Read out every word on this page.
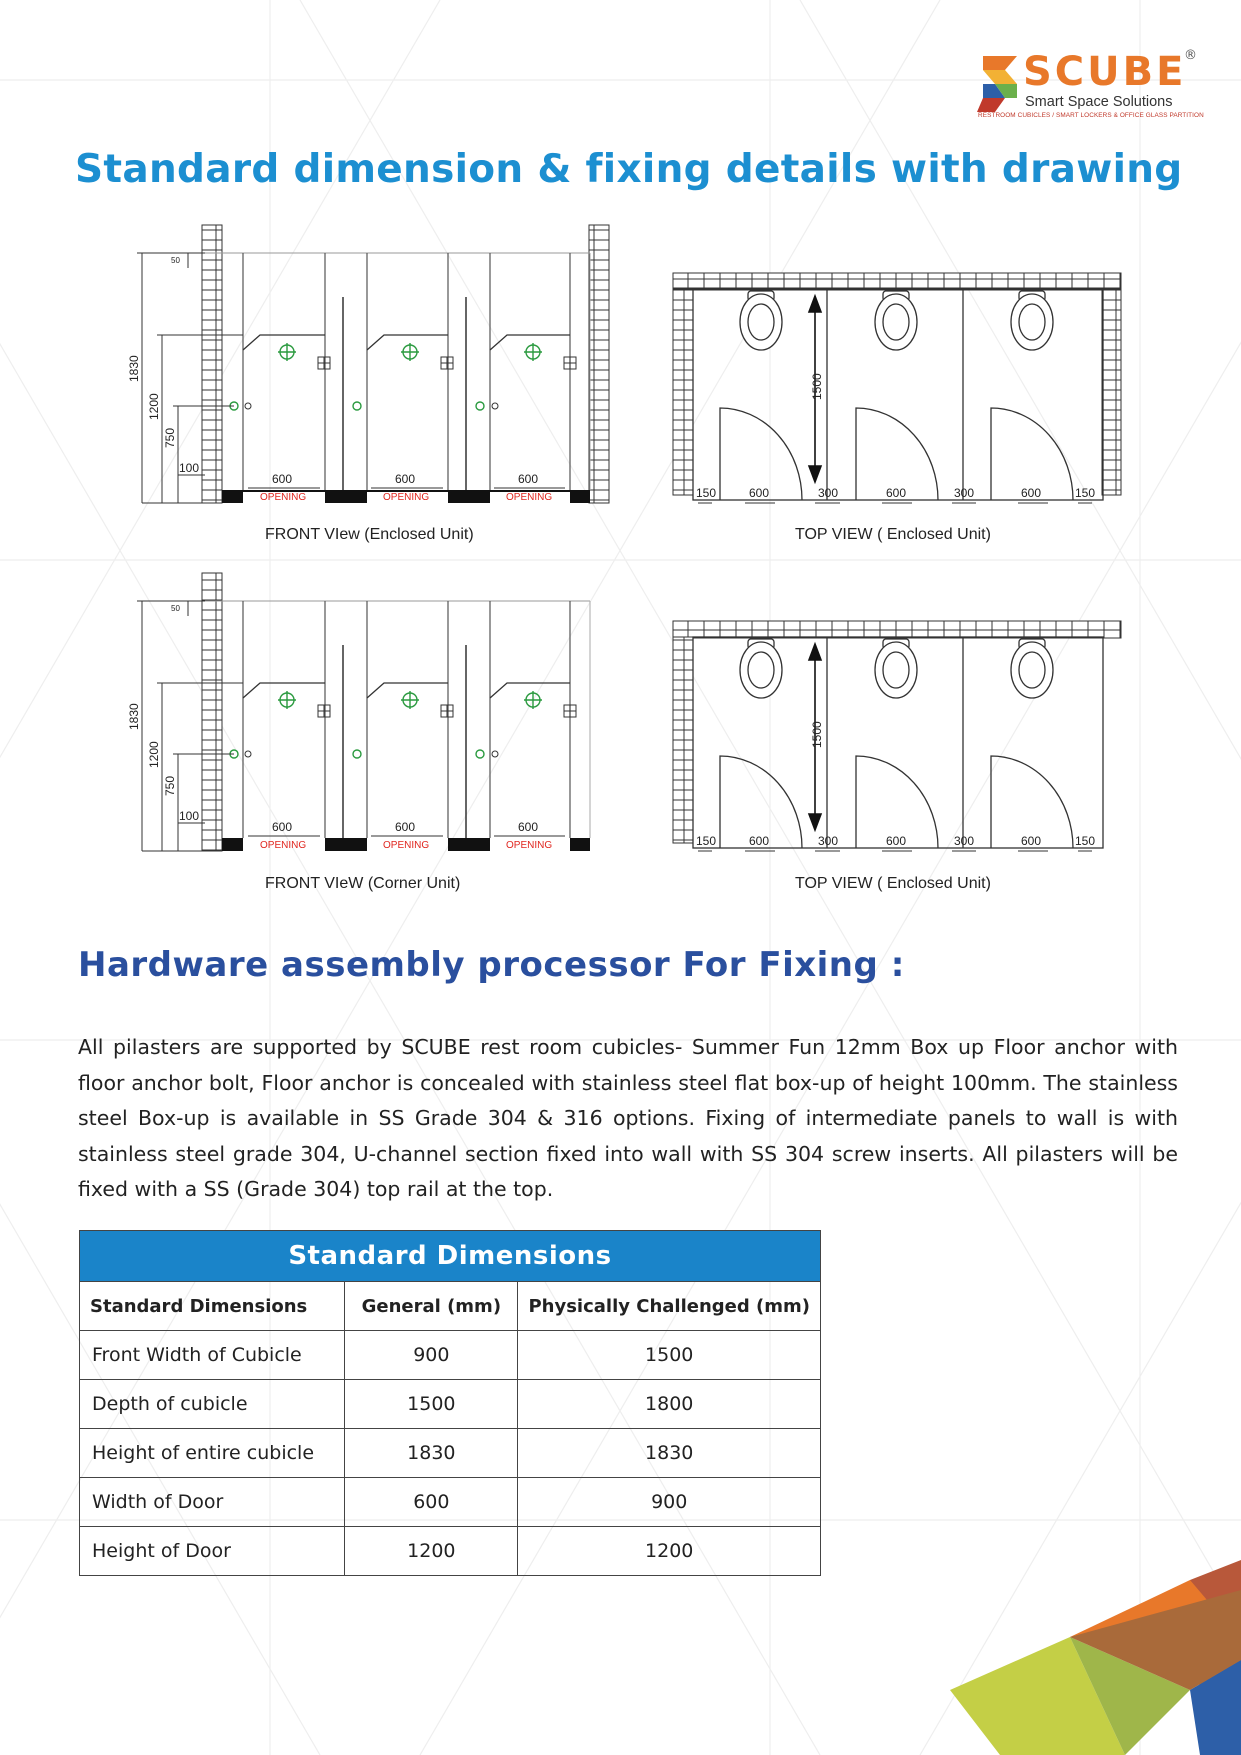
SCUBE
®
Smart Space Solutions
RESTROOM CUBICLES / SMART LOCKERS & OFFICE GLASS PARTITION
Standard dimension & fixing details with drawing
1830
1200
750
100
50
600	600	600
OPENING	OPENING	OPENING
1830
1200
750
100
50
600	600	600
OPENING	OPENING	OPENING
1500
150	600	300	600	300	600	150
1500
150	600	300	600	300	600	150
FRONT VIew (Enclosed Unit)	TOP VIEW ( Enclosed Unit)
FRONT VIeW (Corner Unit)	TOP VIEW ( Enclosed Unit)
Hardware assembly processor For Fixing :
All pilasters are supported by SCUBE rest room cubicles- Summer Fun 12mm Box up Floor anchor with floor anchor bolt, Floor anchor is concealed with stainless steel flat box-up of height 100mm. The stainless steel Box-up is available in SS Grade 304 & 316 options. Fixing of intermediate panels to wall is with stainless steel grade 304, U-channel section fixed into wall with SS 304 screw inserts. All pilasters will be fixed with a SS (Grade 304) top rail at the top.
Standard Dimensions		
Standard Dimensions	General (mm)	Physically Challenged (mm)
Front Width of Cubicle	900	1500
Depth of cubicle	1500	1800
Height of entire cubicle	1830	1830
Width of Door	600	900
Height of Door	1200	1200
